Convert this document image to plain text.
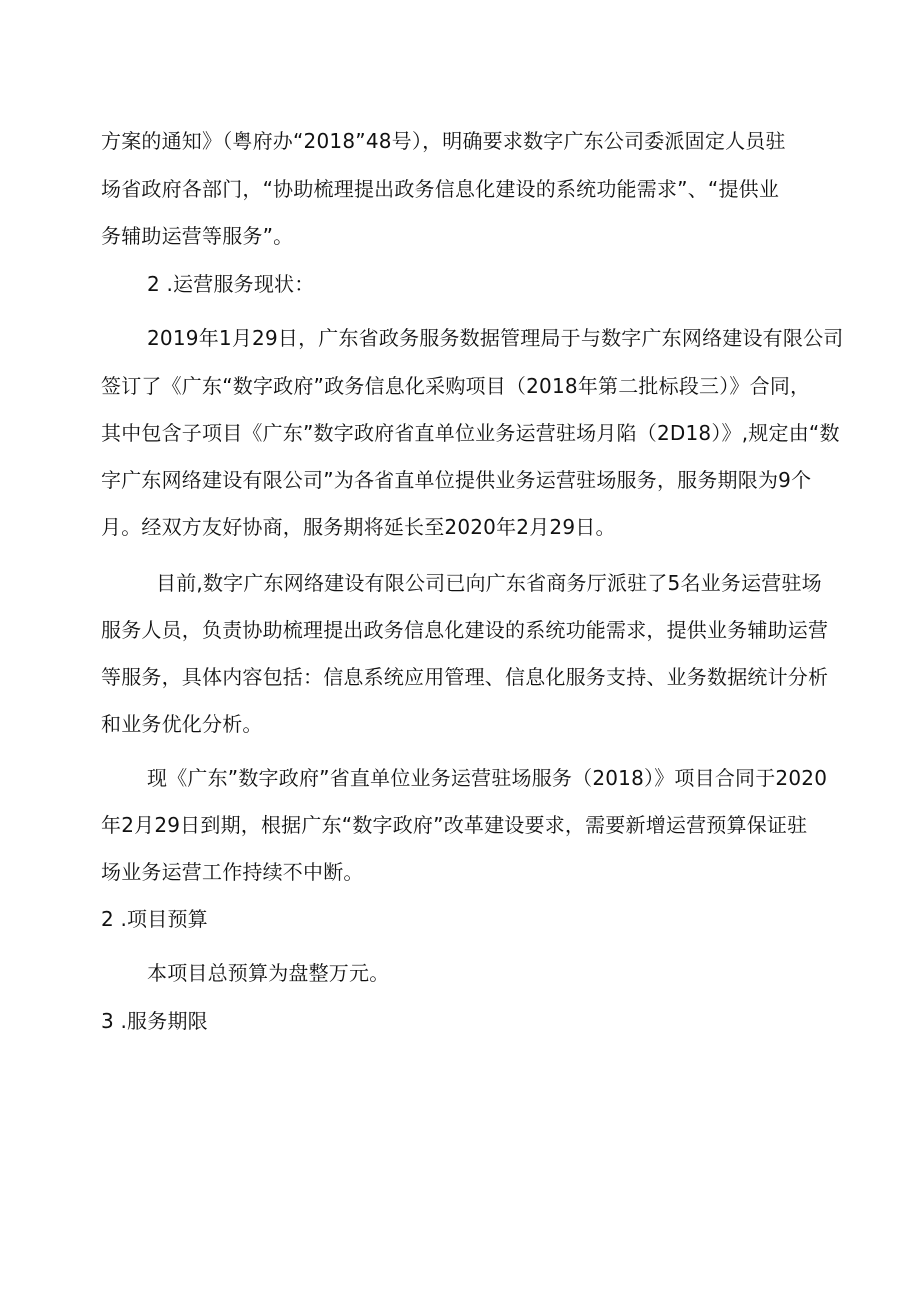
方案的通知》（粤府办“2018”48号），明确要求数字广东公司委派固定人员驻
场省政府各部门，“协助梳理提出政务信息化建设的系统功能需求”、“提供业
务辅助运营等服务”。
2 .运营服务现状：
2019年1月29日，广东省政务服务数据管理局于与数字广东网络建设有限公司
签订了《广东“数字政府”政务信息化采购项目（2018年第二批标段三）》合同，
其中包含子项目《广东”数字政府省直单位业务运营驻场月陷（2D18）》,规定由“数
字广东网络建设有限公司”为各省直单位提供业务运营驻场服务，服务期限为9个
月。经双方友好协商，服务期将延长至2020年2月29日。
目前,数字广东网络建设有限公司已向广东省商务厅派驻了5名业务运营驻场
服务人员，负责协助梳理提出政务信息化建设的系统功能需求，提供业务辅助运营
等服务，具体内容包括：信息系统应用管理、信息化服务支持、业务数据统计分析
和业务优化分析。
现《广东”数字政府”省直单位业务运营驻场服务（2018）》项目合同于2020
年2月29日到期，根据广东“数字政府”改革建设要求，需要新增运营预算保证驻
场业务运营工作持续不中断。
2 .项目预算
本项目总预算为盘整万元。
3 .服务期限
